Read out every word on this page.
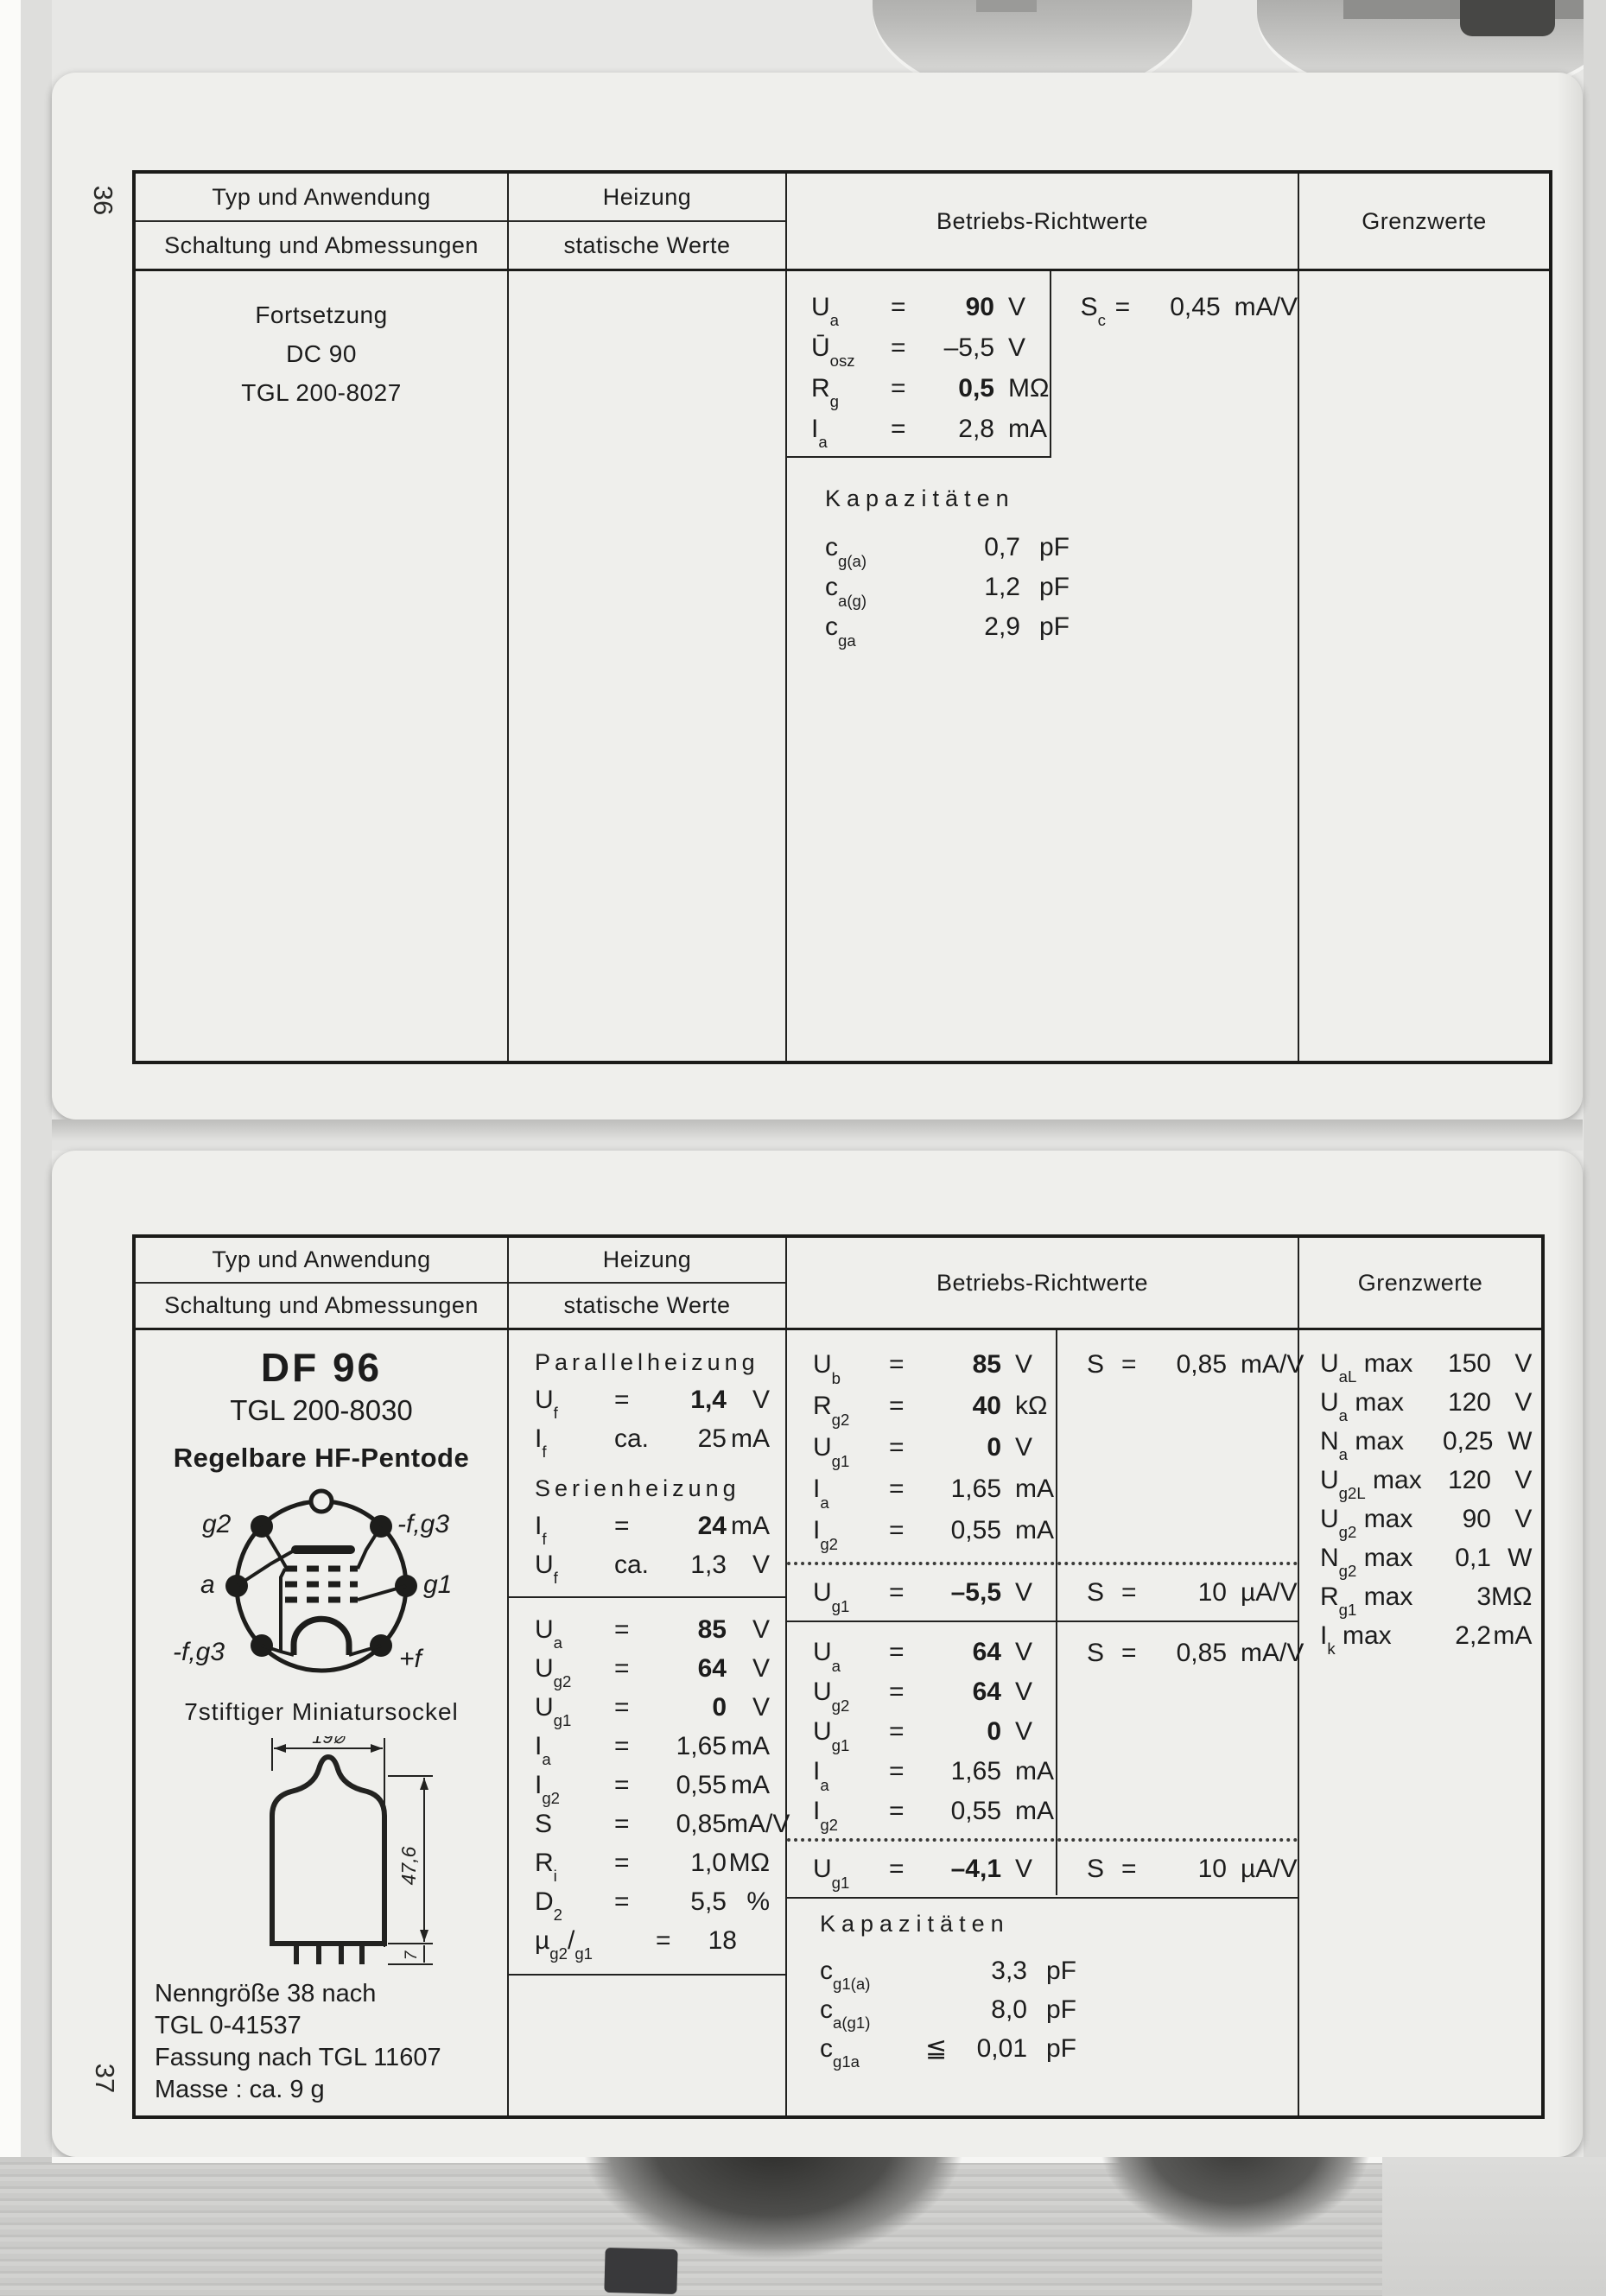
36	Typ und Anwendung
Schaltung und Abmessungen
Heizung
statische Werte
Betriebs-Richtwerte	Grenzwerte
Fortsetzung
DC 90
TGL 200-8027
$U_a$	=	90 V
$Ū_{osz}$	=	–5,5 V
$R_g$	=	0,5 MΩ
$I_a$	=	2,8 mA
$S_c$ =	0,45 mA/V
Kapazitäten
$c_{g(a)}$	0,7 pF
$c_{a(g)}$	1,2 pF
$c_{ga}$	2,9 pF
37
Typ und Anwendung
Schaltung und Abmessungen
Heizung
statische Werte
Betriebs-Richtwerte	Grenzwerte
DF 96
TGL 200-8030
Regelbare HF-Pentode
g2	-f,g3
a	g1
-f,g3	+f
7stiftiger Miniatursockel
19⌀
47,6
7
Nenngröße 38 nach
TGL 0-41537
Fassung nach TGL 11607
Masse : ca. 9 g
Parallelheizung
$U_f$	=	1,4 V
$I_f$	ca.	25 mA
Serienheizung
$I_f$	=	24 mA
$U_f$	ca.	1,3 V
$U_a$	=	85 V
$U_{g2}$	=	64 V
$U_{g1}$	=	0 V
$I_a$	=	1,65 mA
$I_{g2}$	=	0,55 mA
S	=	0,85 mA/V
$R_i$	=	1,0 MΩ
$D_2$	=	5,5 %
$\mu_{g2}/_{g1}$	=	18
$U_b$	=	85 V
$R_{g2}$	=	40 kΩ
$U_{g1}$	=	0 V
$I_a$	=	1,65 mA
$I_{g2}$	=	0,55 mA
S =	0,85 mA/V
$U_{g1}$	=	–5,5 V	S =	10 µA/V
$U_a$	=	64 V
$U_{g2}$	=	64 V
$U_{g1}$	=	0 V
$I_a$	=	1,65 mA
$I_{g2}$	=	0,55 mA
S =	0,85 mA/V
$U_{g1}$	=	–4,1 V	S =	10 µA/V
Kapazitäten
$c_{g1(a)}$	3,3 pF
$c_{a(g1)}$	8,0 pF
$c_{g1a}$	≦	0,01 pF
$U_{aL}$ max	150 V
$U_a$ max	120 V
$N_a$ max	0,25 W
$U_{g2L}$ max	120 V
$U_{g2}$ max	90 V
$N_{g2}$ max	0,1 W
$R_{g1}$ max	3 MΩ
$I_k$ max	2,2 mA
